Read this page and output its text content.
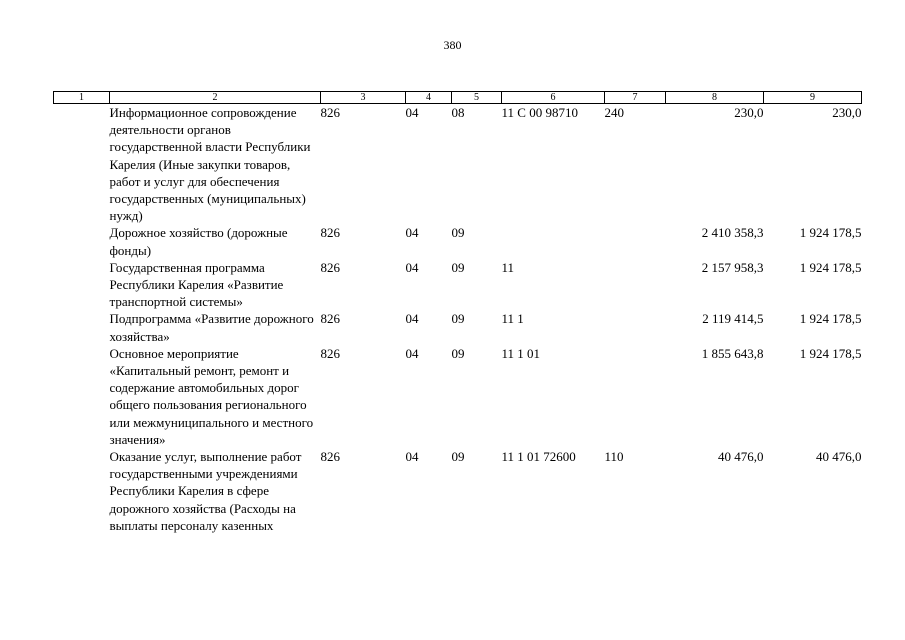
380
1	2	3	4	5	6	7	8	9
	Информационное сопровождение деятельности органов государственной власти Республики Карелия (Иные закупки товаров, работ и услуг для обеспечения государственных (муниципальных) нужд)	826	04	08	11 С 00 98710	240	230,0	230,0
	Дорожное хозяйство (дорожные фонды)	826	04	09			2 410 358,3	1 924 178,5
	Государственная программа Республики Карелия «Развитие транспортной системы»	826	04	09	11		2 157 958,3	1 924 178,5
	Подпрограмма «Развитие дорожного хозяйства»	826	04	09	11 1		2 119 414,5	1 924 178,5
	Основное мероприятие «Капитальный ремонт, ремонт и содержание автомобильных дорог общего пользования регионального или межмуниципального и местного значения»	826	04	09	11 1 01		1 855 643,8	1 924 178,5
	Оказание услуг, выполнение работ государственными учреждениями Республики Карелия в сфере дорожного хозяйства (Расходы на выплаты персоналу казенных	826	04	09	11 1 01 72600	110	40 476,0	40 476,0
